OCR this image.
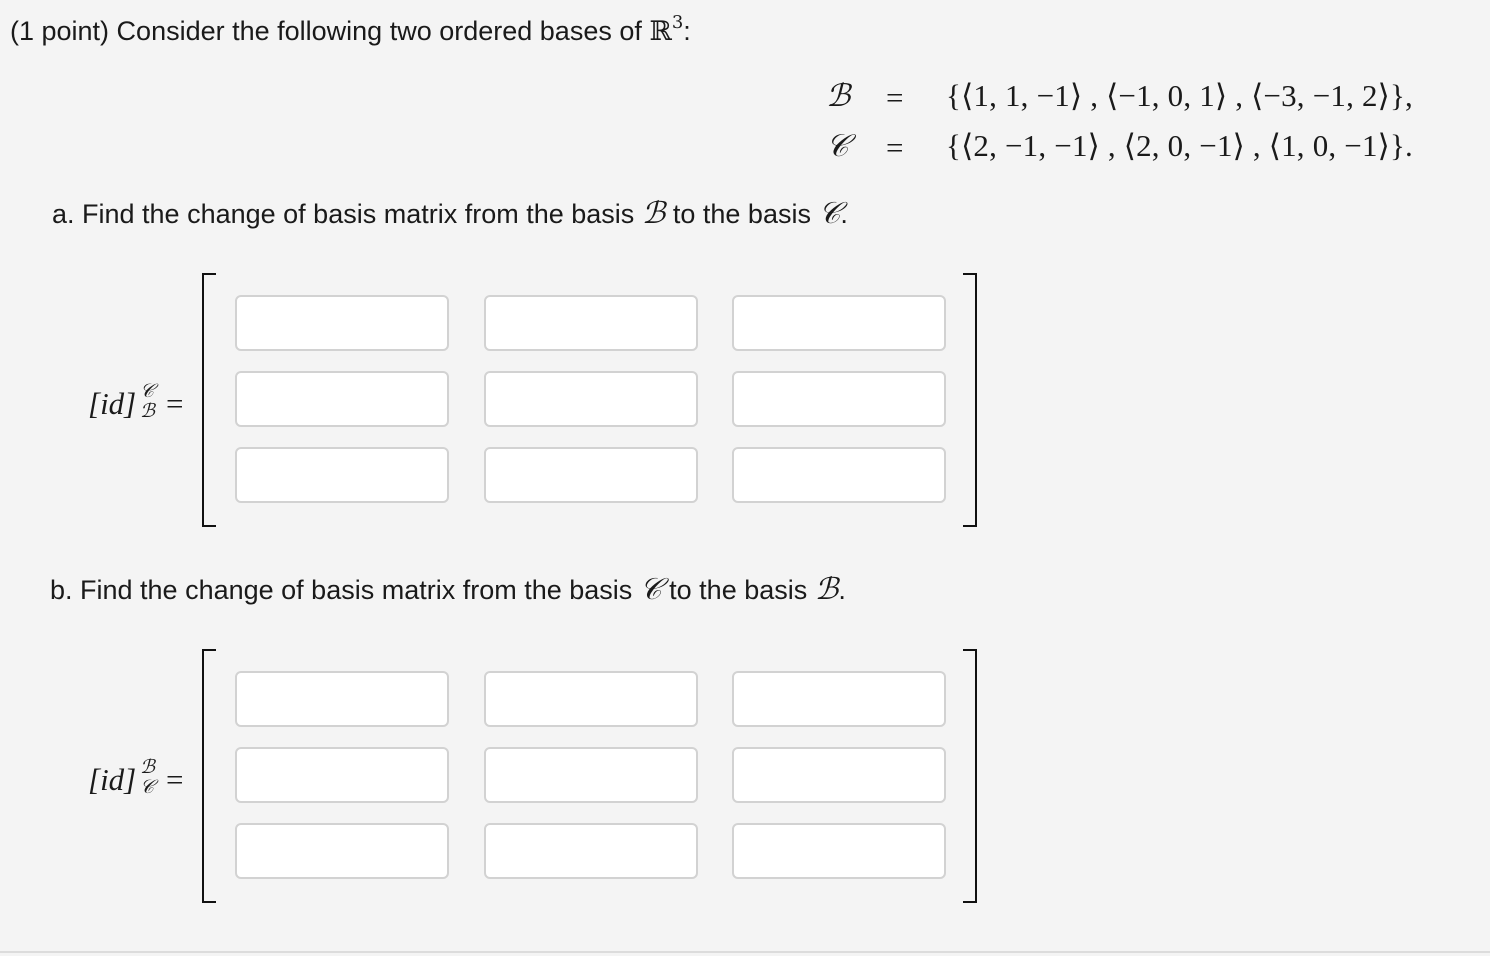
(1 point) Consider the following two ordered bases of ℝ$^3$:
ℬ = {⟨1, 1, −1⟩ , ⟨−1, 0, 1⟩ , ⟨−3, −1, 2⟩},
𝒞 = {⟨2, −1, −1⟩ , ⟨2, 0, −1⟩ , ⟨1, 0, −1⟩}.
a. Find the change of basis matrix from the basis ℬ to the basis 𝒞.
[id] 𝒞
ℬ =
b. Find the change of basis matrix from the basis 𝒞 to the basis ℬ.
[id] ℬ
𝒞 =
